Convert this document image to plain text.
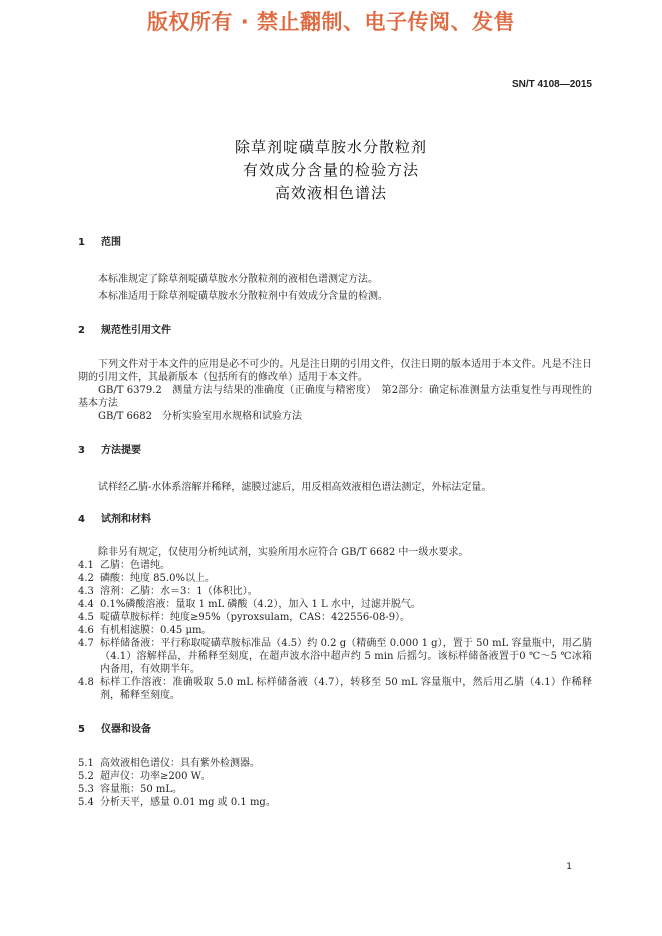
版权所有 · 禁止翻制、电子传阅、发售
SN/T 4108—2015
除草剂啶磺草胺水分散粒剂
有效成分含量的检验方法
高效液相色谱法
1 范围
本标准规定了除草剂啶磺草胺水分散粒剂的液相色谱测定方法。
本标准适用于除草剂啶磺草胺水分散粒剂中有效成分含量的检测。
2 规范性引用文件
下列文件对于本文件的应用是必不可少的。凡是注日期的引用文件，仅注日期的版本适用于本文件。凡是不注日期的引用文件，其最新版本（包括所有的修改单）适用于本文件。
GB/T 6379.2　测量方法与结果的准确度（正确度与精密度）　第2部分：确定标准测量方法重复性与再现性的基本方法
GB/T 6682　分析实验室用水规格和试验方法
3 方法提要
试样经乙腈-水体系溶解并稀释，滤膜过滤后，用反相高效液相色谱法测定，外标法定量。
4 试剂和材料
除非另有规定，仅使用分析纯试剂，实验所用水应符合 GB/T 6682 中一级水要求。
4.1 乙腈：色谱纯。
4.2 磷酸：纯度 85.0%以上。
4.3 溶剂：乙腈：水＝3：1（体积比）。
4.4 0.1%磷酸溶液：量取 1 mL 磷酸（4.2），加入 1 L 水中，过滤并脱气。
4.5 啶磺草胺标样：纯度≥95%（pyroxsulam，CAS：422556-08-9）。
4.6 有机相滤膜：0.45 μm。
4.7 标样储备液：平行称取啶磺草胺标准品（4.5）约 0.2 g（精确至 0.000 1 g），置于 50 mL 容量瓶中，用乙腈（4.1）溶解样品，并稀释至刻度，在超声波水浴中超声约 5 min 后摇匀。该标样储备液置于0 ℃～5 ℃冰箱内备用，有效期半年。
4.8 标样工作溶液：准确吸取 5.0 mL 标样储备液（4.7），转移至 50 mL 容量瓶中，然后用乙腈（4.1）作稀释剂，稀释至刻度。
5 仪器和设备
5.1 高效液相色谱仪：具有紫外检测器。
5.2 超声仪：功率≥200 W。
5.3 容量瓶：50 mL。
5.4 分析天平，感量 0.01 mg 或 0.1 mg。
1
